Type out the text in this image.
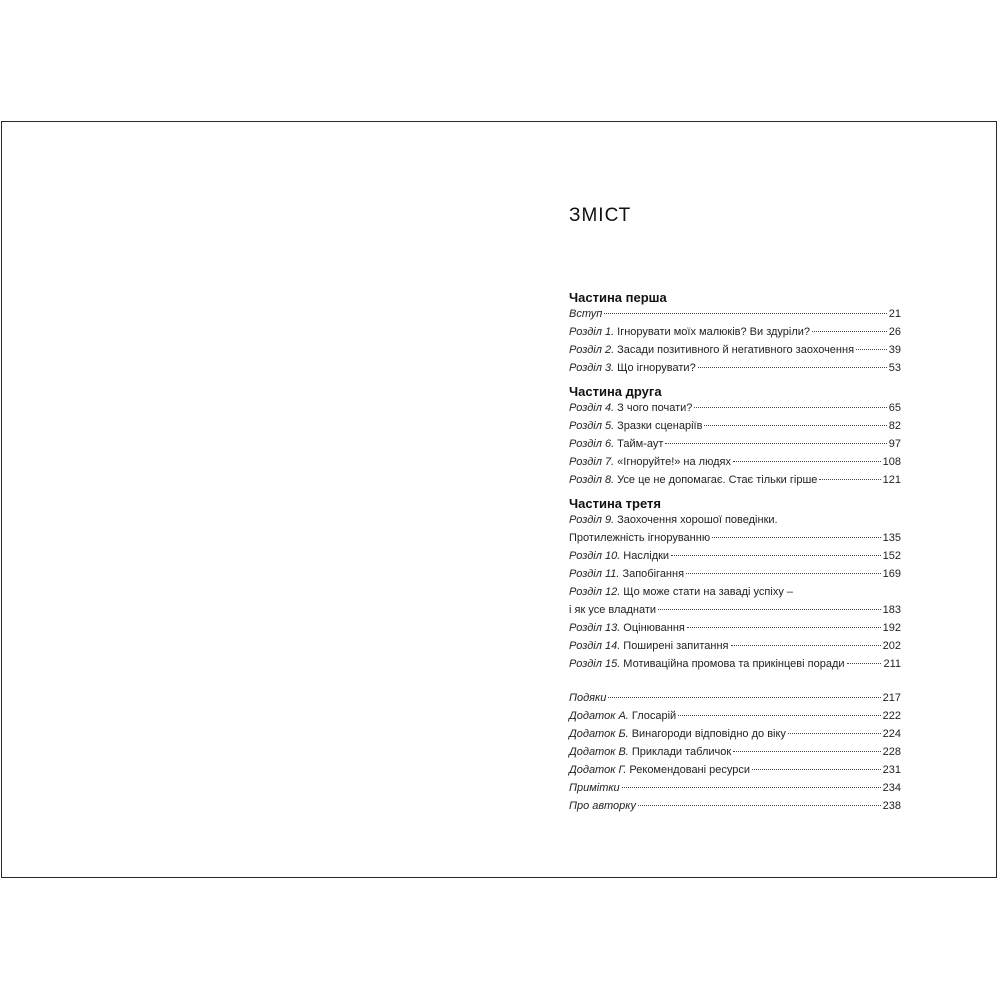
ЗМІСТ
Частина перша
Вступ	21
Розділ 1. Ігнорувати моїх малюків? Ви здуріли?	26
Розділ 2. Засади позитивного й негативного заохочення	39
Розділ 3. Що ігнорувати?	53
Частина друга
Розділ 4. З чого почати?	65
Розділ 5. Зразки сценаріїв	82
Розділ 6. Тайм-аут	97
Розділ 7. «Ігноруйте!» на людях	108
Розділ 8. Усе це не допомагає. Стає тільки гірше	121
Частина третя
Розділ 9. Заохочення хорошої поведінки.
Протилежність ігноруванню	135
Розділ 10. Наслідки	152
Розділ 11. Запобігання	169
Розділ 12. Що може стати на заваді успіху –
і як усе владнати	183
Розділ 13. Оцінювання	192
Розділ 14. Поширені запитання	202
Розділ 15. Мотиваційна промова та прикінцеві поради	211
Подяки	217
Додаток А. Глосарій	222
Додаток Б. Винагороди відповідно до віку	224
Додаток В. Приклади табличок	228
Додаток Г. Рекомендовані ресурси	231
Примітки	234
Про авторку	238
